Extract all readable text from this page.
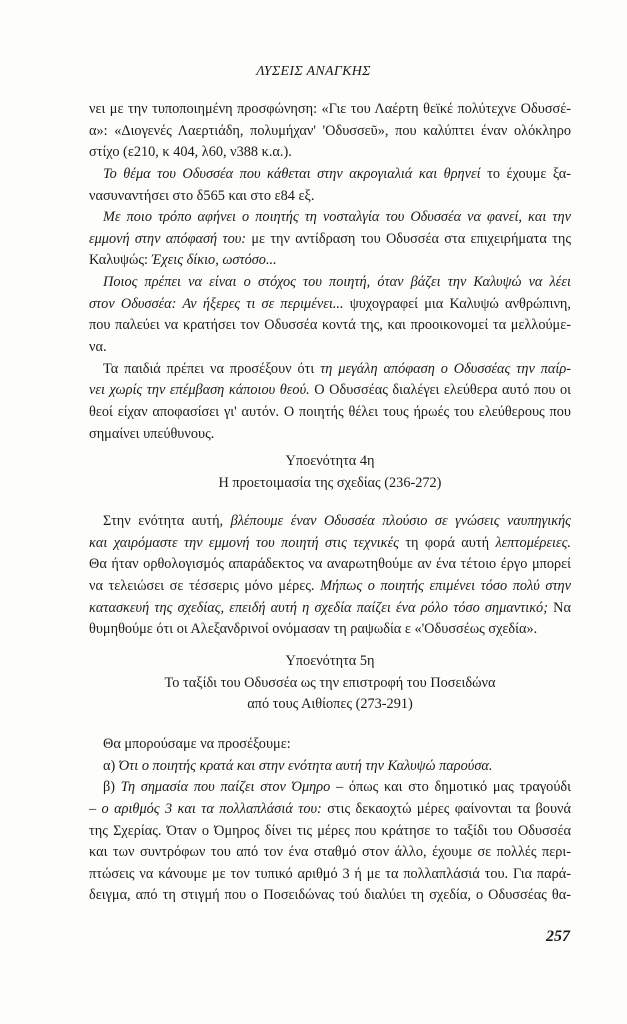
ΛΥΣΕΙΣ ΑΝΑΓΚΗΣ
νει με την τυποποιημένη προσφώνηση: «Γιε του Λαέρτη θεϊκέ πολύτεχνε Οδυσσέ-
α»: «Διογενές Λαερτιάδη, πολυμήχαν' 'Οδυσσεῦ», που καλύπτει έναν ολόκληρο
στίχο (ε210, κ 404, λ60, ν388 κ.α.).
Το θέμα του Οδυσσέα που κάθεται στην ακρογιαλιά και θρηνεί το έχουμε ξα-
νασυναντήσει στο δ565 και στο ε84 εξ.
Με ποιο τρόπο αφήνει ο ποιητής τη νοσταλγία του Οδυσσέα να φανεί, και την
εμμονή στην απόφασή του: με την αντίδραση του Οδυσσέα στα επιχειρήματα της
Καλυψώς: Έχεις δίκιο, ωστόσο...
Ποιος πρέπει να είναι ο στόχος του ποιητή, όταν βάζει την Καλυψώ να λέει
στον Οδυσσέα: Αν ήξερες τι σε περιμένει... ψυχογραφεί μια Καλυψώ ανθρώπινη,
που παλεύει να κρατήσει τον Οδυσσέα κοντά της, και προοικονομεί τα μελλούμε-
να.
Τα παιδιά πρέπει να προσέξουν ότι τη μεγάλη απόφαση ο Οδυσσέας την παίρ-
νει χωρίς την επέμβαση κάποιου θεού. Ο Οδυσσέας διαλέγει ελεύθερα αυτό που οι
θεοί είχαν αποφασίσει γι' αυτόν. Ο ποιητής θέλει τους ήρωές του ελεύθερους που
σημαίνει υπεύθυνους.
Υποενότητα 4η
Η προετοιμασία της σχεδίας (236-272)
Στην ενότητα αυτή, βλέπουμε έναν Οδυσσέα πλούσιο σε γνώσεις ναυπηγικής
και χαιρόμαστε την εμμονή του ποιητή στις τεχνικές τη φορά αυτή λεπτομέρειες.
Θα ήταν ορθολογισμός απαράδεκτος να αναρωτηθούμε αν ένα τέτοιο έργο μπορεί
να τελειώσει σε τέσσερις μόνο μέρες. Μήπως ο ποιητής επιμένει τόσο πολύ στην
κατασκευή της σχεδίας, επειδή αυτή η σχεδία παίζει ένα ρόλο τόσο σημαντικό; Να
θυμηθούμε ότι οι Αλεξανδρινοί ονόμασαν τη ραψωδία ε «'Οδυσσέως σχεδία».
Υποενότητα 5η
Το ταξίδι του Οδυσσέα ως την επιστροφή του Ποσειδώνα
από τους Αιθίοπες (273-291)
Θα μπορούσαμε να προσέξουμε:
α) Ότι ο ποιητής κρατά και στην ενότητα αυτή την Καλυψώ παρούσα.
β) Τη σημασία που παίζει στον Όμηρο – όπως και στο δημοτικό μας τραγούδι
– ο αριθμός 3 και τα πολλαπλάσιά του: στις δεκαοχτώ μέρες φαίνονται τα βουνά
της Σχερίας. Όταν ο Όμηρος δίνει τις μέρες που κράτησε το ταξίδι του Οδυσσέα
και των συντρόφων του από τον ένα σταθμό στον άλλο, έχουμε σε πολλές περι-
πτώσεις να κάνουμε με τον τυπικό αριθμό 3 ή με τα πολλαπλάσιά του. Για παρά-
δειγμα, από τη στιγμή που ο Ποσειδώνας τού διαλύει τη σχεδία, ο Οδυσσέας θα-
257
